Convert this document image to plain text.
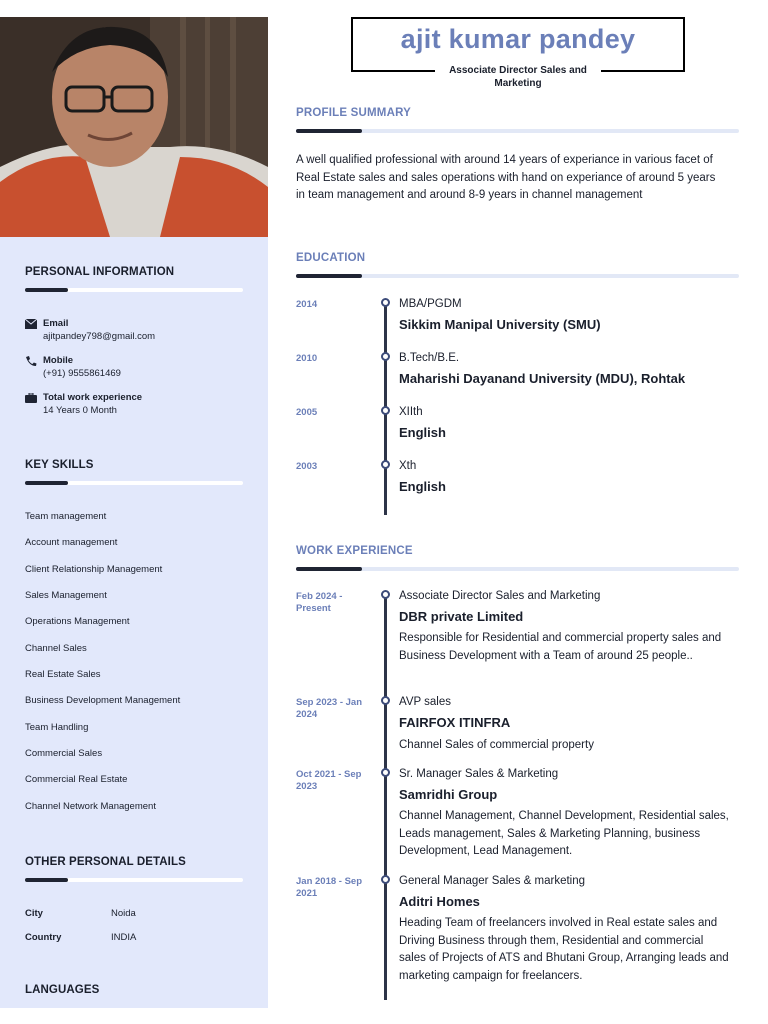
PERSONAL INFORMATION
Email
ajitpandey798@gmail.com
Mobile
(+91) 9555861469
Total work experience
14 Years 0 Month
KEY SKILLS
Team management
Account management
Client Relationship Management
Sales Management
Operations Management
Channel Sales
Real Estate Sales
Business Development Management
Team Handling
Commercial Sales
Commercial Real Estate
Channel Network Management
OTHER PERSONAL DETAILS
City	Noida
Country	INDIA
LANGUAGES
ajit kumar pandey
Associate Director Sales and Marketing
PROFILE SUMMARY
A well qualified professional with around 14 years of experiance in various facet of Real Estate sales and sales operations with hand on experiance of around 5 years in team management and around 8-9 years in channel management
EDUCATION
2014	MBA/PGDM
Sikkim Manipal University (SMU)
2010	B.Tech/B.E.
Maharishi Dayanand University (MDU), Rohtak
2005	XIIth
English
2003	Xth
English
WORK EXPERIENCE
Feb 2024 - Present
Associate Director Sales and Marketing
DBR private Limited
Responsible for Residential and commercial property sales and Business Development with a Team of around 25 people..
Sep 2023 - Jan 2024
AVP sales
FAIRFOX ITINFRA
Channel Sales of commercial property
Oct 2021 - Sep 2023
Sr. Manager Sales & Marketing
Samridhi Group
Channel Management, Channel Development, Residential sales, Leads management, Sales & Marketing Planning, business Development, Lead Management.
Jan 2018 - Sep 2021
General Manager Sales & marketing
Aditri Homes
Heading Team of freelancers involved in Real estate sales and Driving Business through them, Residential and commercial sales of Projects of ATS and Bhutani Group, Arranging leads and marketing campaign for freelancers.
